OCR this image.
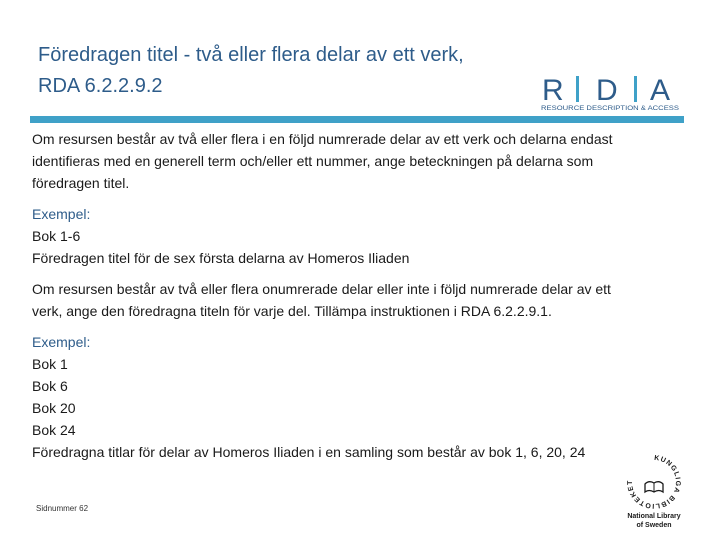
Föredragen titel - två eller flera delar av ett verk,
RDA 6.2.2.9.2	R D A
RESOURCE DESCRIPTION & ACCESS

Om resursen består av två eller flera i en följd numrerade delar av ett verk och delarna endast
identifieras med en generell term och/eller ett nummer, ange beteckningen på delarna som
föredragen titel.

Exempel:
Bok 1-6
Föredragen titel för de sex första delarna av Homeros Iliaden

Om resursen består av två eller flera onumrerade delar eller inte i följd numrerade delar av ett
verk, ange den föredragna titeln för varje del. Tillämpa instruktionen i RDA 6.2.2.9.1.

Exempel:
Bok 1
Bok 6
Bok 20
Bok 24
Föredragna titlar för delar av Homeros Iliaden i en samling som består av bok 1, 6, 20, 24

Sidnummer 62
KUNGLIGA BIBLIOTEKET
National Library
of Sweden
